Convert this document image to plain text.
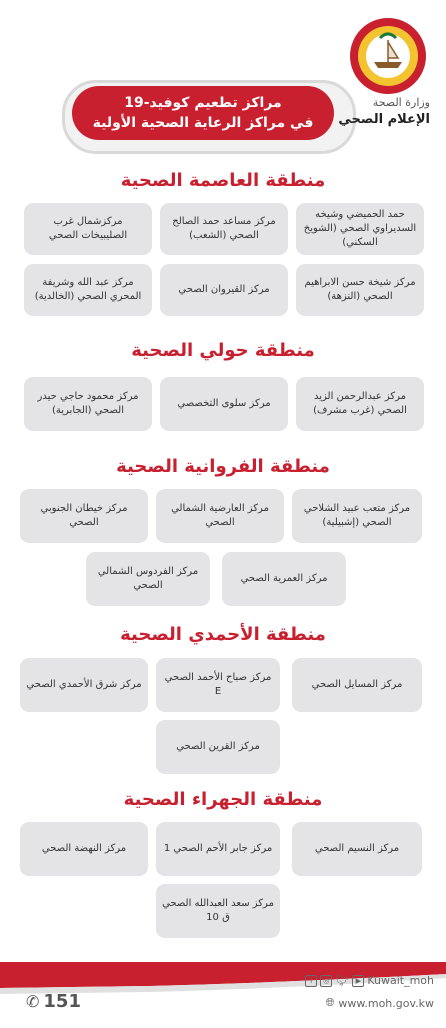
مراكز تطعيم كوفيد-19
في مراكز الرعاية الصحية الأولية
وزارة الصحة
الإعلام الصحي
منطقة العاصمة الصحية
حمد الحميضي وشيخه السديراوي الصحي (الشويخ السكني)
مركز مساعد حمد الصالح الصحي (الشعب)
مركزشمال غرب الصليبيخات الصحي
مركز شيخة حسن الابراهيم الصحي (النزهة)
مركز القيروان الصحي
مركز عبد الله وشريفة المحري الصحي (الخالدية)
منطقة حولي الصحية
مركز عبدالرحمن الزيد الصحي (غرب مشرف)
مركز سلوى التخصصي
مركز محمود حاجي حيدر الصحي (الجابرية)
منطقة الفروانية الصحية
مركز متعب عبيد الشلاحي الصحي (إشبيلية)
مركز العارضية الشمالي الصحي
مركز خيطان الجنوبي الصحي
مركز العمرية الصحي
مركز الفردوس الشمالي الصحي
منطقة الأحمدي الصحية
مركز المسايل الصحي
مركز صباح الأحمد الصحي E
مركز شرق الأحمدي الصحي
مركز القرين الصحي
منطقة الجهراء الصحية
مركز النسيم الصحي
مركز جابر الأحم الصحي 1
مركز النهضة الصحي
مركز سعد العبدالله الصحي ق 10
f	◎ 🐦︎ ▶ Kuwait_moh
🌐︎ www.moh.gov.kw
✆ 151
